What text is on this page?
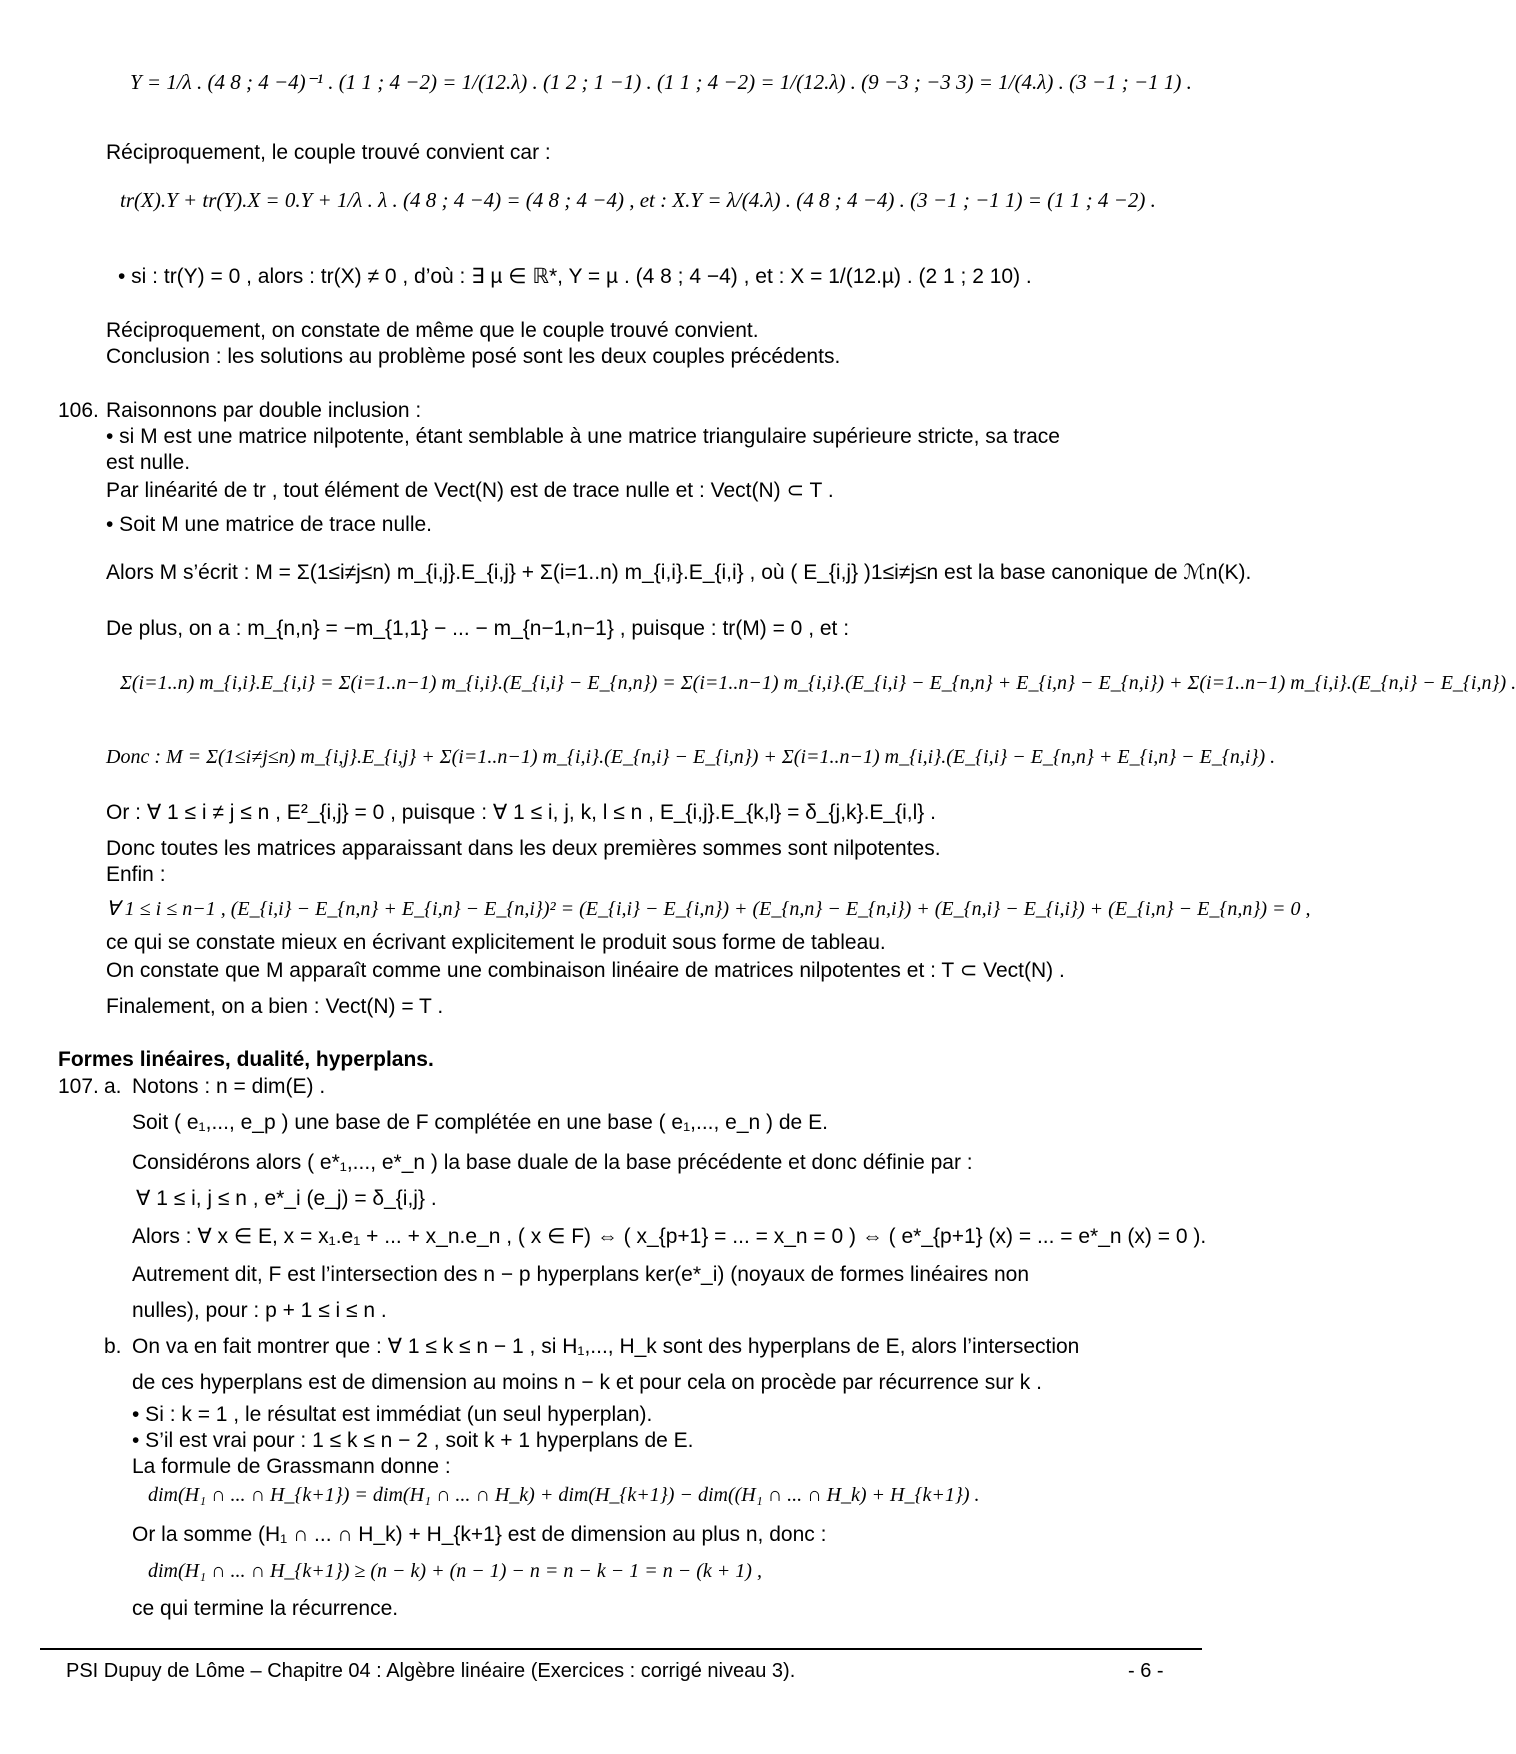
Y = 1/λ . (4 8 ; 4 −4)⁻¹ . (1 1 ; 4 −2) = 1/(12.λ) . (1 2 ; 1 −1) . (1 1 ; 4 −2) = 1/(12.λ) . (9 −3 ; −3 3) = 1/(4.λ) . (3 −1 ; −1 1) .
Réciproquement, le couple trouvé convient car :
tr(X).Y + tr(Y).X = 0.Y + 1/λ . λ . (4 8 ; 4 −4) = (4 8 ; 4 −4) , et : X.Y = λ/(4.λ) . (4 8 ; 4 −4) . (3 −1 ; −1 1) = (1 1 ; 4 −2) .
• si : tr(Y) = 0 , alors : tr(X) ≠ 0 , d’où : ∃ µ ∈ ℝ*, Y = µ . (4 8 ; 4 −4) , et : X = 1/(12.µ) . (2 1 ; 2 10) .
Réciproquement, on constate de même que le couple trouvé convient.
Conclusion : les solutions au problème posé sont les deux couples précédents.
106. Raisonnons par double inclusion :
• si M est une matrice nilpotente, étant semblable à une matrice triangulaire supérieure stricte, sa trace
est nulle.
Par linéarité de tr , tout élément de Vect(N) est de trace nulle et : Vect(N) ⊂ T .
• Soit M une matrice de trace nulle.
Alors M s’écrit : M = Σ(1≤i≠j≤n) m_{i,j}.E_{i,j} + Σ(i=1..n) m_{i,i}.E_{i,i} , où ( E_{i,j} )1≤i≠j≤n est la base canonique de ℳn(K).
De plus, on a : m_{n,n} = −m_{1,1} − ... − m_{n−1,n−1} , puisque : tr(M) = 0 , et :
Σ(i=1..n) m_{i,i}.E_{i,i} = Σ(i=1..n−1) m_{i,i}.(E_{i,i} − E_{n,n}) = Σ(i=1..n−1) m_{i,i}.(E_{i,i} − E_{n,n} + E_{i,n} − E_{n,i}) + Σ(i=1..n−1) m_{i,i}.(E_{n,i} − E_{i,n}) .
Donc : M = Σ(1≤i≠j≤n) m_{i,j}.E_{i,j} + Σ(i=1..n−1) m_{i,i}.(E_{n,i} − E_{i,n}) + Σ(i=1..n−1) m_{i,i}.(E_{i,i} − E_{n,n} + E_{i,n} − E_{n,i}) .
Or : ∀ 1 ≤ i ≠ j ≤ n , E²_{i,j} = 0 , puisque : ∀ 1 ≤ i, j, k, l ≤ n , E_{i,j}.E_{k,l} = δ_{j,k}.E_{i,l} .
Donc toutes les matrices apparaissant dans les deux premières sommes sont nilpotentes.
Enfin :
∀ 1 ≤ i ≤ n−1 , (E_{i,i} − E_{n,n} + E_{i,n} − E_{n,i})² = (E_{i,i} − E_{i,n}) + (E_{n,n} − E_{n,i}) + (E_{n,i} − E_{i,i}) + (E_{i,n} − E_{n,n}) = 0 ,
ce qui se constate mieux en écrivant explicitement le produit sous forme de tableau.
On constate que M apparaît comme une combinaison linéaire de matrices nilpotentes et : T ⊂ Vect(N) .
Finalement, on a bien : Vect(N) = T .
Formes linéaires, dualité, hyperplans.
107. a. Notons : n = dim(E) .
Soit ( e₁,..., e_p ) une base de F complétée en une base ( e₁,..., e_n ) de E.
Considérons alors ( e*₁,..., e*_n ) la base duale de la base précédente et donc définie par :
∀ 1 ≤ i, j ≤ n , e*_i (e_j) = δ_{i,j} .
Alors : ∀ x ∈ E, x = x₁.e₁ + ... + x_n.e_n , ( x ∈ F) ⇔ ( x_{p+1} = ... = x_n = 0 ) ⇔ ( e*_{p+1} (x) = ... = e*_n (x) = 0 ).
Autrement dit, F est l’intersection des n − p hyperplans ker(e*_i) (noyaux de formes linéaires non
nulles), pour : p + 1 ≤ i ≤ n .
b. On va en fait montrer que : ∀ 1 ≤ k ≤ n − 1 , si H₁,..., H_k sont des hyperplans de E, alors l’intersection
de ces hyperplans est de dimension au moins n − k et pour cela on procède par récurrence sur k .
• Si : k = 1 , le résultat est immédiat (un seul hyperplan).
• S’il est vrai pour : 1 ≤ k ≤ n − 2 , soit k + 1 hyperplans de E.
La formule de Grassmann donne :
dim(H₁ ∩ ... ∩ H_{k+1}) = dim(H₁ ∩ ... ∩ H_k) + dim(H_{k+1}) − dim((H₁ ∩ ... ∩ H_k) + H_{k+1}) .
Or la somme (H₁ ∩ ... ∩ H_k) + H_{k+1} est de dimension au plus n, donc :
dim(H₁ ∩ ... ∩ H_{k+1}) ≥ (n − k) + (n − 1) − n = n − k − 1 = n − (k + 1) ,
ce qui termine la récurrence.
PSI Dupuy de Lôme – Chapitre 04 : Algèbre linéaire (Exercices : corrigé niveau 3).	- 6 -
